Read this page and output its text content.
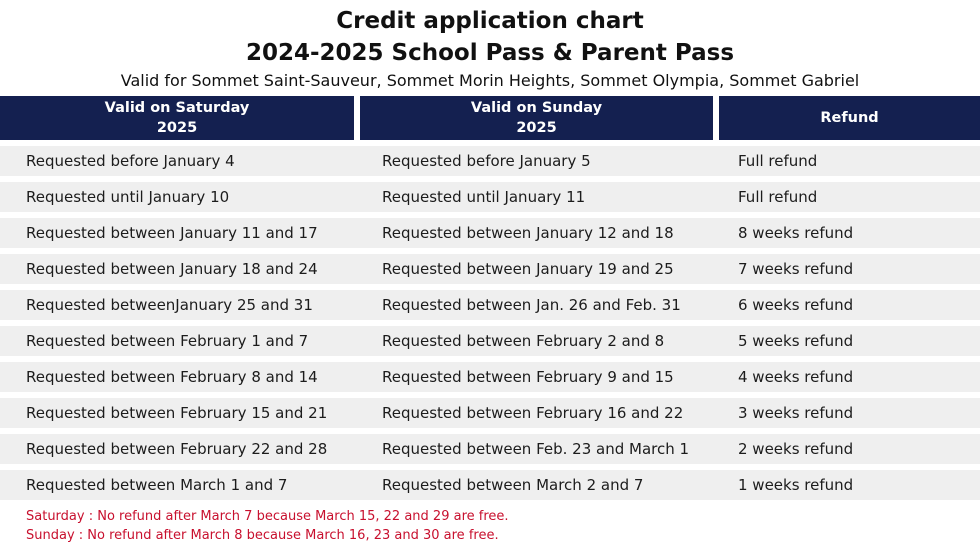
Credit application chart
2024-2025 School Pass & Parent Pass
Valid for Sommet Saint-Sauveur, Sommet Morin Heights, Sommet Olympia, Sommet Gabriel
Valid on Saturday
2025
Valid on Sunday
2025
Refund
Requested before January 4	Requested before January 5	Full refund
Requested until January 10	Requested until January 11	Full refund
Requested between January 11 and 17	Requested between January 12 and 18	8 weeks refund
Requested between January 18 and 24	Requested between January 19 and 25	7 weeks refund
Requested betweenJanuary 25 and 31	Requested between Jan. 26 and Feb. 31	6 weeks refund
Requested between February 1 and 7	Requested between February 2 and 8	5 weeks refund
Requested between February 8 and 14	Requested between February 9 and 15	4 weeks refund
Requested between February 15 and 21	Requested between February 16 and 22	3 weeks refund
Requested between February 22 and 28	Requested between Feb. 23 and March 1	2 weeks refund
Requested between March 1 and 7	Requested between March 2 and 7	1 weeks refund
Saturday : No refund after March 7 because March 15, 22 and 29 are free.
Sunday : No refund after March 8 because March 16, 23 and 30 are free.
